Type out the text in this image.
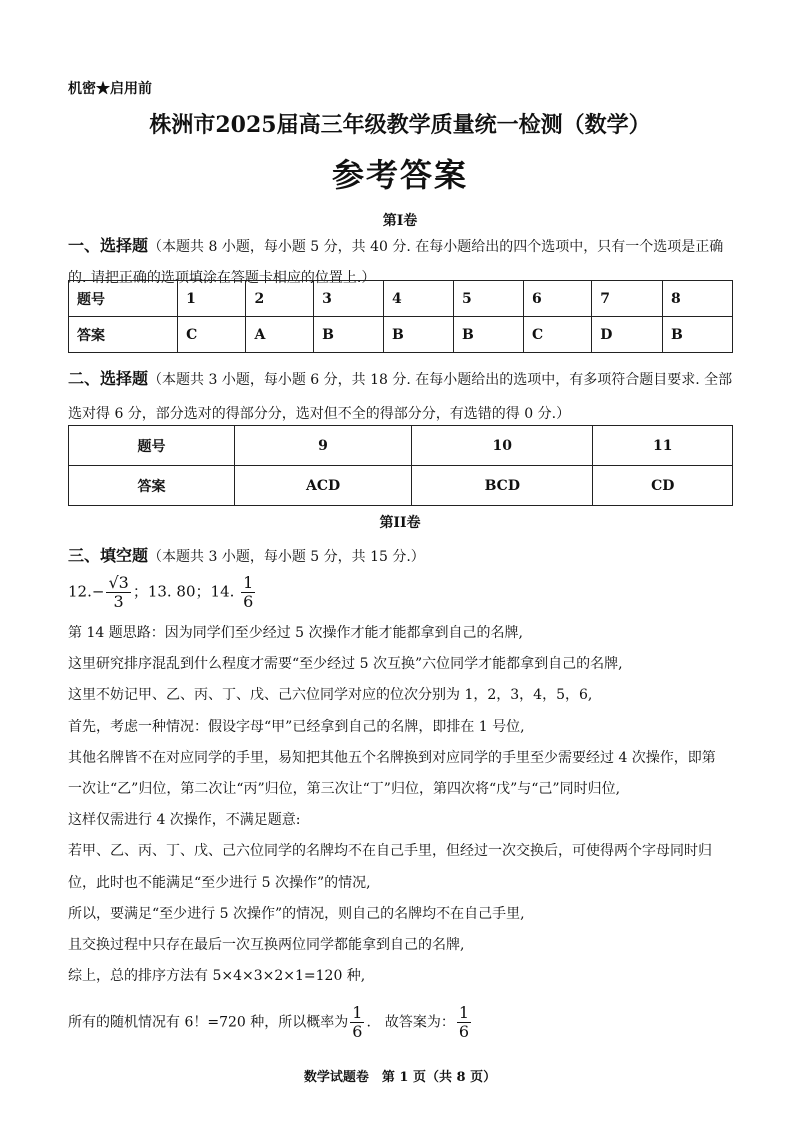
机密★启用前
株洲市2025届高三年级教学质量统一检测（数学）
参考答案
第I卷
一、选择题（本题共 8 小题，每小题 5 分，共 40 分. 在每小题给出的四个选项中，只有一个选项是正确的. 请把正确的选项填涂在答题卡相应的位置上.）
题号	1	2	3	4	5	6	7	8
答案	C	A	B	B	B	C	D	B
二、选择题（本题共 3 小题，每小题 6 分，共 18 分. 在每小题给出的选项中，有多项符合题目要求. 全部选对得 6 分，部分选对的得部分分，选对但不全的得部分分，有选错的得 0 分.）
题号	9	10	11
答案	ACD	BCD	CD
第II卷
三、填空题（本题共 3 小题，每小题 5 分，共 15 分.）
$12.- \frac{√3}{3}$ ；13. 80；14. $\frac{1}{6}$
第 14 题思路：因为同学们至少经过 5 次操作才能才能都拿到自己的名牌,
这里研究排序混乱到什么程度才需要“至少经过 5 次互换”六位同学才能都拿到自己的名牌,
这里不妨记甲、乙、丙、丁、戊、己六位同学对应的位次分别为 1，2，3，4，5，6,
首先，考虑一种情况：假设字母“甲”已经拿到自己的名牌，即排在 1 号位,
其他名牌皆不在对应同学的手里，易知把其他五个名牌换到对应同学的手里至少需要经过 4 次操作，即第
一次让“乙”归位，第二次让“丙”归位，第三次让“丁”归位，第四次将“戊”与“己”同时归位,
这样仅需进行 4 次操作，不满足题意:
若甲、乙、丙、丁、戊、己六位同学的名牌均不在自己手里，但经过一次交换后，可使得两个字母同时归
位，此时也不能满足“至少进行 5 次操作”的情况,
所以，要满足“至少进行 5 次操作”的情况，则自己的名牌均不在自己手里,
且交换过程中只存在最后一次互换两位同学都能拿到自己的名牌,
综上，总的排序方法有 5×4×3×2×1=120 种,
所有的随机情况有 6！=720 种，所以概率为 $\frac{1}{6}$ .　故答案为： $\frac{1}{6}$
数学试题卷　第 1 页（共 8 页）
